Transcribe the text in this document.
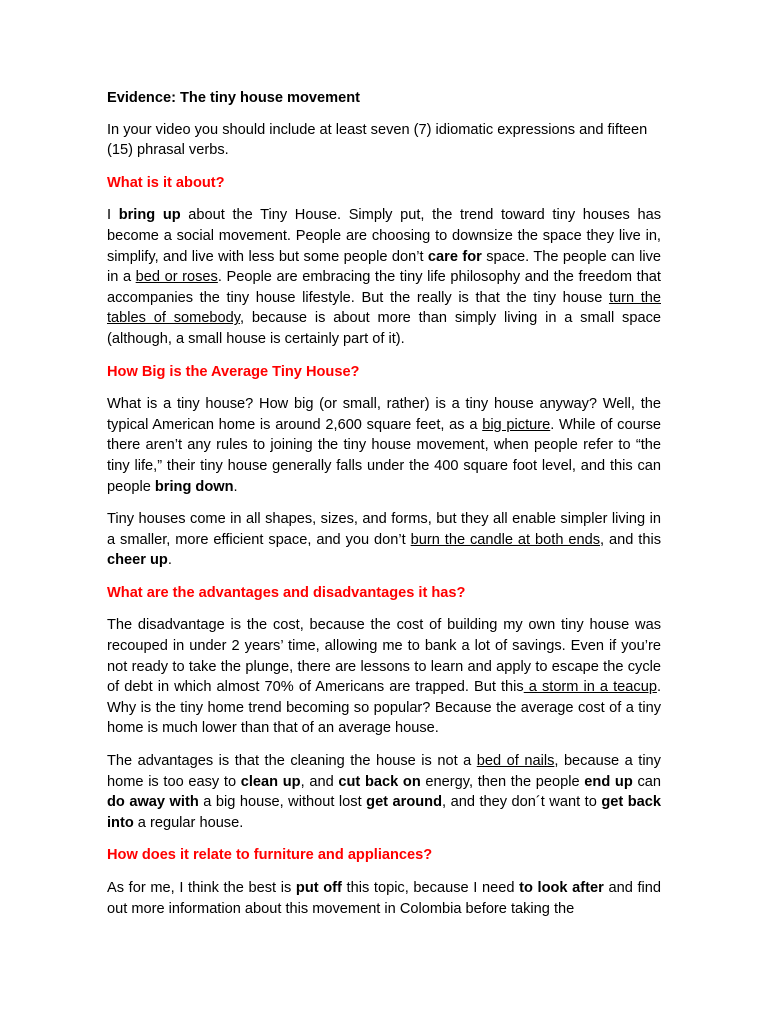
Evidence: The tiny house movement

In your video you should include at least seven (7) idiomatic expressions and fifteen (15) phrasal verbs.

What is it about?

I bring up about the Tiny House. Simply put, the trend toward tiny houses has become a social movement. People are choosing to downsize the space they live in, simplify, and live with less but some people don’t care for space. The people can live in a bed or roses. People are embracing the tiny life philosophy and the freedom that accompanies the tiny house lifestyle. But the really is that the tiny house turn the tables of somebody, because is about more than simply living in a small space (although, a small house is certainly part of it).

How Big is the Average Tiny House?

What is a tiny house? How big (or small, rather) is a tiny house anyway? Well, the typical American home is around 2,600 square feet, as a big picture. While of course there aren’t any rules to joining the tiny house movement, when people refer to “the tiny life,” their tiny house generally falls under the 400 square foot level, and this can people bring down.

Tiny houses come in all shapes, sizes, and forms, but they all enable simpler living in a smaller, more efficient space, and you don’t burn the candle at both ends, and this cheer up.

What are the advantages and disadvantages it has?

The disadvantage is the cost, because the cost of building my own tiny house was recouped in under 2 years’ time, allowing me to bank a lot of savings. Even if you’re not ready to take the plunge, there are lessons to learn and apply to escape the cycle of debt in which almost 70% of Americans are trapped. But this a storm in a teacup. Why is the tiny home trend becoming so popular? Because the average cost of a tiny home is much lower than that of an average house.

The advantages is that the cleaning the house is not a bed of nails, because a tiny home is too easy to clean up, and cut back on energy, then the people end up can do away with a big house, without lost get around, and they don´t want to get back into a regular house.

How does it relate to furniture and appliances?

As for me, I think the best is put off this topic, because I need to look after and find out more information about this movement in Colombia before taking the
